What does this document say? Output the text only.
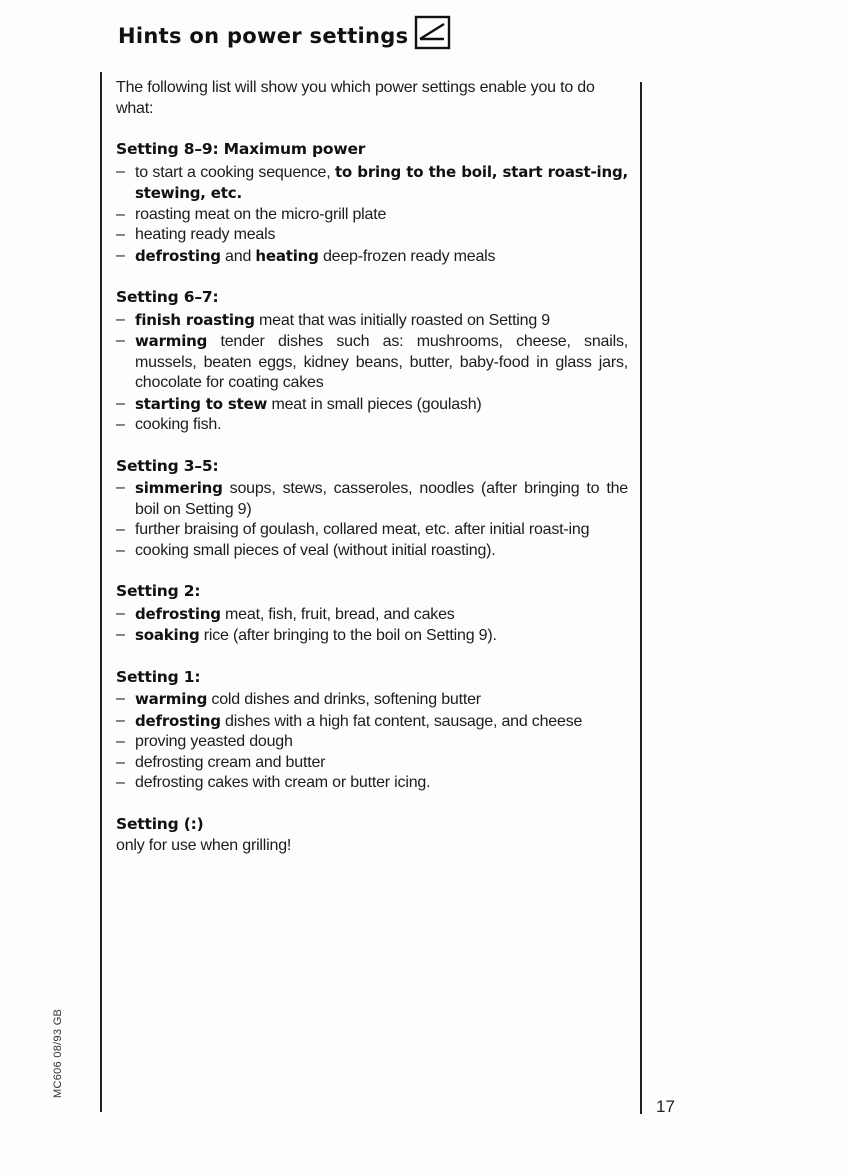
Hints on power settings

The following list will show you which power settings enable you to do what:

Setting 8–9: Maximum power
– to start a cooking sequence, to bring to the boil, start roast-ing, stewing, etc.
– roasting meat on the micro-grill plate
– heating ready meals
– defrosting and heating deep-frozen ready meals
Setting 6–7:
– finish roasting meat that was initially roasted on Setting 9
– warming tender dishes such as: mushrooms, cheese, snails, mussels, beaten eggs, kidney beans, butter, baby-food in glass jars, chocolate for coating cakes
– starting to stew meat in small pieces (goulash)
– cooking fish.
Setting 3–5:
– simmering soups, stews, casseroles, noodles (after bringing to the boil on Setting 9)
– further braising of goulash, collared meat, etc. after initial roast-ing
– cooking small pieces of veal (without initial roasting).
Setting 2:
– defrosting meat, fish, fruit, bread, and cakes
– soaking rice (after bringing to the boil on Setting 9).
Setting 1:
– warming cold dishes and drinks, softening butter
– defrosting dishes with a high fat content, sausage, and cheese
– proving yeasted dough
– defrosting cream and butter
– defrosting cakes with cream or butter icing.
Setting (:)

only for use when grilling!

MC606 08/93 GB
17
